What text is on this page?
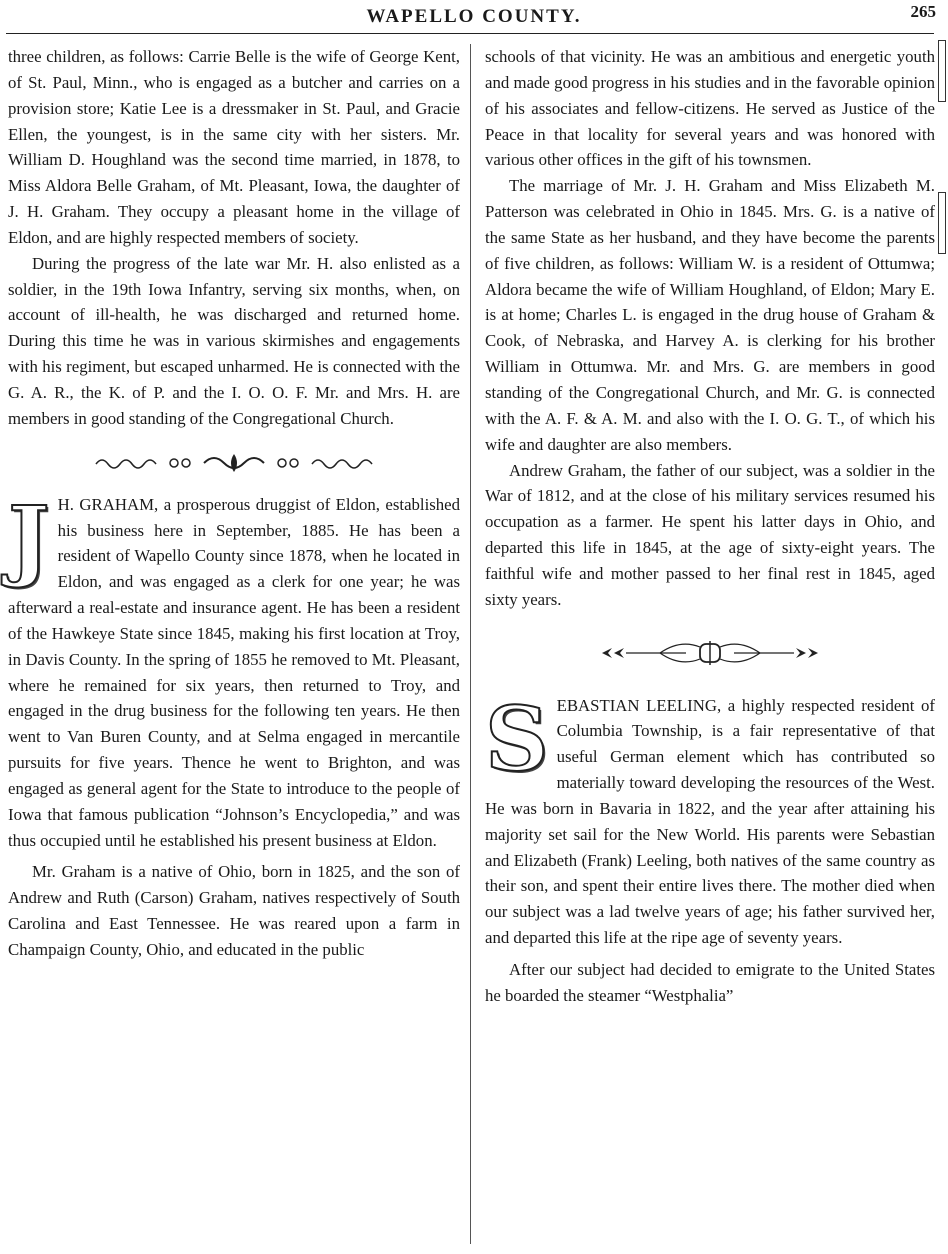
WAPELLO COUNTY.	265

three children, as follows: Carrie Belle is the wife of George Kent, of St. Paul, Minn., who is engaged as a butcher and carries on a provision store; Katie Lee is a dressmaker in St. Paul, and Gracie Ellen, the youngest, is in the same city with her sisters. Mr. William D. Houghland was the second time married, in 1878, to Miss Aldora Belle Graham, of Mt. Pleasant, Iowa, the daughter of J. H. Graham. They occupy a pleasant home in the village of Eldon, and are highly respected members of society.

During the progress of the late war Mr. H. also enlisted as a soldier, in the 19th Iowa Infantry, serving six months, when, on account of ill-health, he was discharged and returned home. During this time he was in various skirmishes and engagements with his regiment, but escaped unharmed. He is connected with the G. A. R., the K. of P. and the I. O. O. F. Mr. and Mrs. H. are members in good standing of the Congregational Church.

J H. GRAHAM, a prosperous druggist of Eldon, established his business here in September, 1885. He has been a resident of Wapello County since 1878, when he located in Eldon, and was engaged as a clerk for one year; he was afterward a real-estate and insurance agent. He has been a resident of the Hawkeye State since 1845, making his first location at Troy, in Davis County. In the spring of 1855 he removed to Mt. Pleasant, where he remained for six years, then returned to Troy, and engaged in the drug business for the following ten years. He then went to Van Buren County, and at Selma engaged in mercantile pursuits for five years. Thence he went to Brighton, and was engaged as general agent for the State to introduce to the people of Iowa that famous publication “Johnson’s Encyclopedia,” and was thus occupied until he established his present business at Eldon.

Mr. Graham is a native of Ohio, born in 1825, and the son of Andrew and Ruth (Carson) Graham, natives respectively of South Carolina and East Tennessee. He was reared upon a farm in Champaign County, Ohio, and educated in the public

schools of that vicinity. He was an ambitious and energetic youth and made good progress in his studies and in the favorable opinion of his associates and fellow-citizens. He served as Justice of the Peace in that locality for several years and was honored with various other offices in the gift of his townsmen.

The marriage of Mr. J. H. Graham and Miss Elizabeth M. Patterson was celebrated in Ohio in 1845. Mrs. G. is a native of the same State as her husband, and they have become the parents of five children, as follows: William W. is a resident of Ottumwa; Aldora became the wife of William Houghland, of Eldon; Mary E. is at home; Charles L. is engaged in the drug house of Graham & Cook, of Nebraska, and Harvey A. is clerking for his brother William in Ottumwa. Mr. and Mrs. G. are members in good standing of the Congregational Church, and Mr. G. is connected with the A. F. & A. M. and also with the I. O. G. T., of which his wife and daughter are also members.

Andrew Graham, the father of our subject, was a soldier in the War of 1812, and at the close of his military services resumed his occupation as a farmer. He spent his latter days in Ohio, and departed this life in 1845, at the age of sixty-eight years. The faithful wife and mother passed to her final rest in 1845, aged sixty years.

SEBASTIAN LEELING, a highly respected resident of Columbia Township, is a fair representative of that useful German element which has contributed so materially toward developing the resources of the West. He was born in Bavaria in 1822, and the year after attaining his majority set sail for the New World. His parents were Sebastian and Elizabeth (Frank) Leeling, both natives of the same country as their son, and spent their entire lives there. The mother died when our subject was a lad twelve years of age; his father survived her, and departed this life at the ripe age of seventy years.

After our subject had decided to emigrate to the United States he boarded the steamer “Westphalia”
